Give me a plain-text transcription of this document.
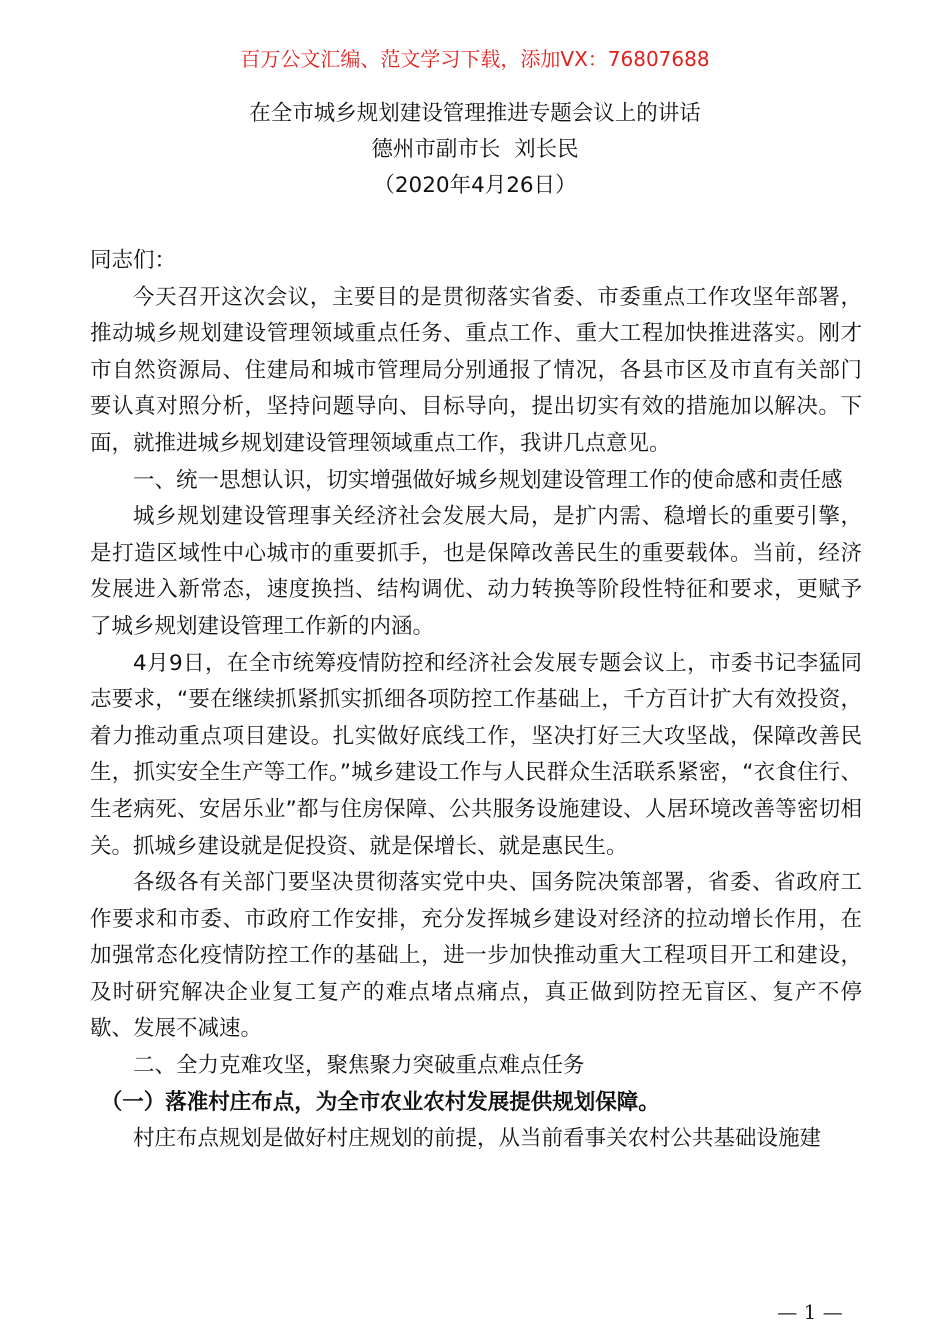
百万公文汇编、范文学习下载，添加VX：76807688
在全市城乡规划建设管理推进专题会议上的讲话
德州市副市长  刘长民
（2020年4月26日）

同志们：

今天召开这次会议，主要目的是贯彻落实省委、市委重点工作攻坚年部署，推动城乡规划建设管理领域重点任务、重点工作、重大工程加快推进落实。刚才市自然资源局、住建局和城市管理局分别通报了情况，各县市区及市直有关部门要认真对照分析，坚持问题导向、目标导向，提出切实有效的措施加以解决。下面，就推进城乡规划建设管理领域重点工作，我讲几点意见。

一、统一思想认识，切实增强做好城乡规划建设管理工作的使命感和责任感

城乡规划建设管理事关经济社会发展大局，是扩内需、稳增长的重要引擎，是打造区域性中心城市的重要抓手，也是保障改善民生的重要载体。当前，经济发展进入新常态，速度换挡、结构调优、动力转换等阶段性特征和要求，更赋予了城乡规划建设管理工作新的内涵。

4月9日，在全市统筹疫情防控和经济社会发展专题会议上，市委书记李猛同志要求，“要在继续抓紧抓实抓细各项防控工作基础上，千方百计扩大有效投资，着力推动重点项目建设。扎实做好底线工作，坚决打好三大攻坚战，保障改善民生，抓实安全生产等工作。”城乡建设工作与人民群众生活联系紧密，“衣食住行、生老病死、安居乐业”都与住房保障、公共服务设施建设、人居环境改善等密切相关。抓城乡建设就是促投资、就是保增长、就是惠民生。

各级各有关部门要坚决贯彻落实党中央、国务院决策部署，省委、省政府工作要求和市委、市政府工作安排，充分发挥城乡建设对经济的拉动增长作用，在加强常态化疫情防控工作的基础上，进一步加快推动重大工程项目开工和建设，及时研究解决企业复工复产的难点堵点痛点，真正做到防控无盲区、复产不停歇、发展不减速。

二、全力克难攻坚，聚焦聚力突破重点难点任务

（一）落准村庄布点，为全市农业农村发展提供规划保障。

村庄布点规划是做好村庄规划的前提，从当前看事关农村公共基础设施建

— 1 —
